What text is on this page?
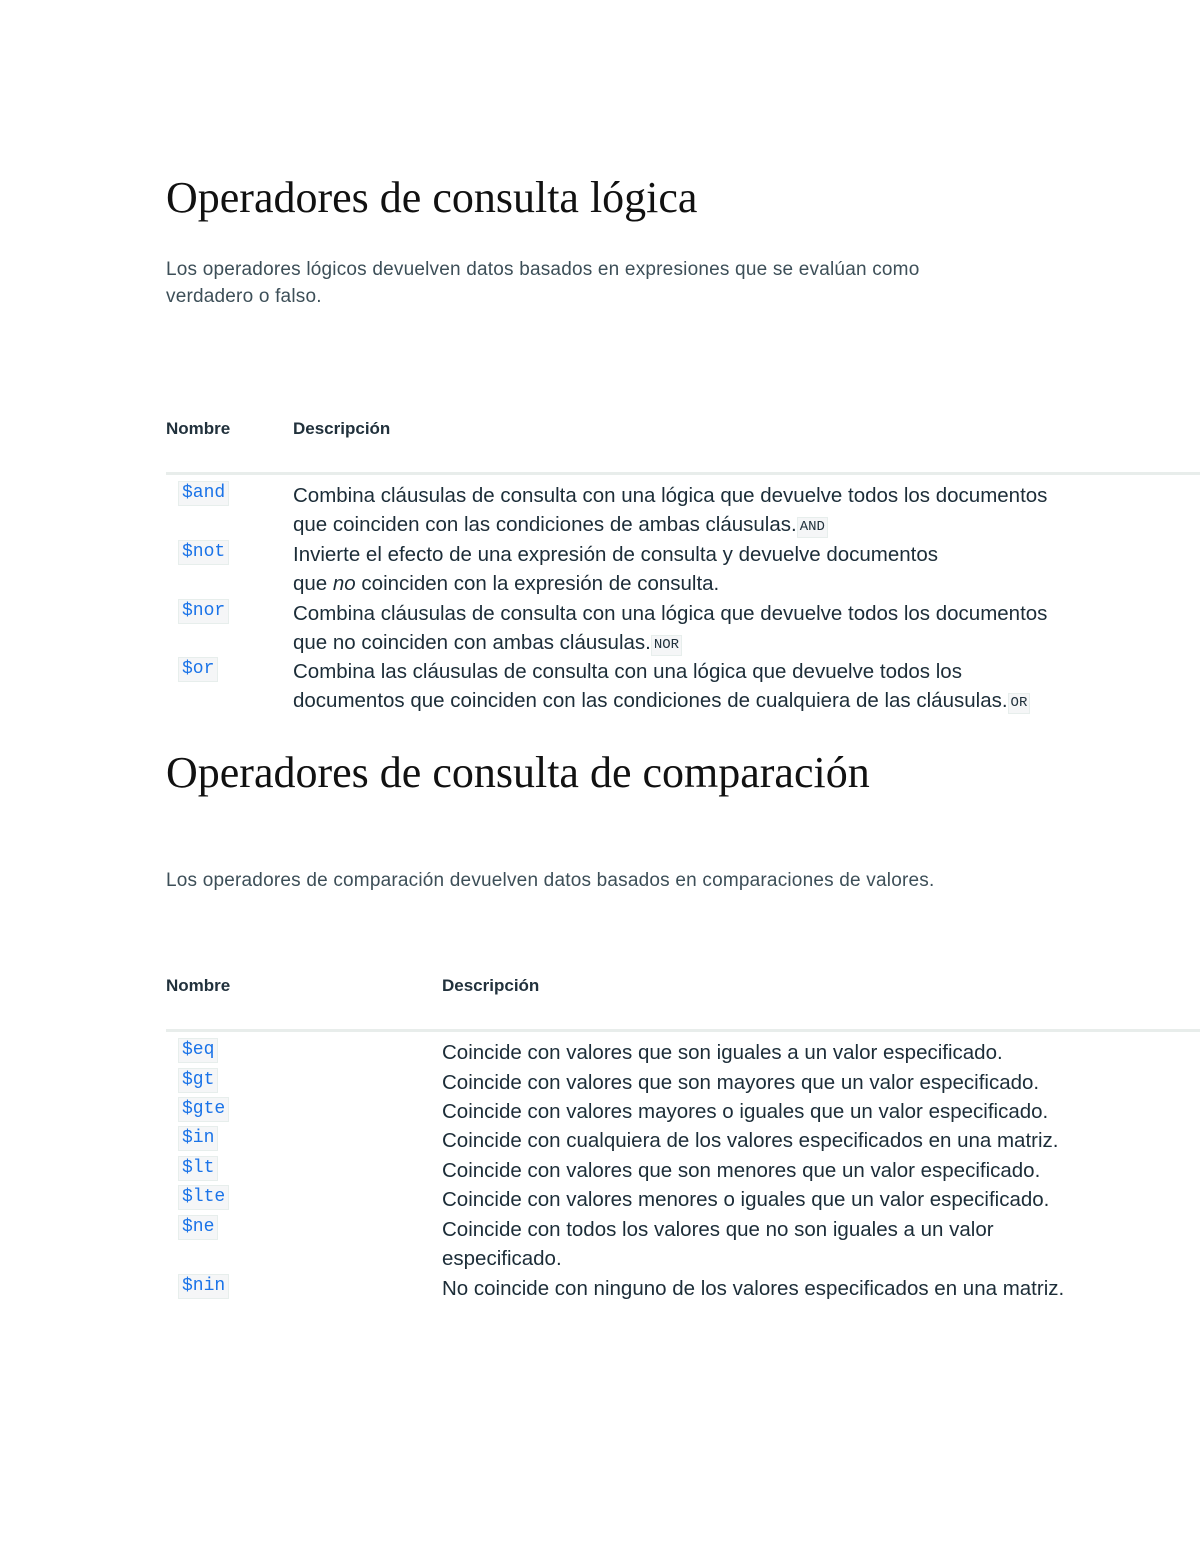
Operadores de consulta lógica

Los operadores lógicos devuelven datos basados en expresiones que se evalúan como
verdadero o falso.

Nombre	Descripción
$and	Combina cláusulas de consulta con una lógica que devuelve todos los documentos
que coinciden con las condiciones de ambas cláusulas. AND
$not	Invierte el efecto de una expresión de consulta y devuelve documentos
que no coinciden con la expresión de consulta.
$nor	Combina cláusulas de consulta con una lógica que devuelve todos los documentos
que no coinciden con ambas cláusulas. NOR
$or	Combina las cláusulas de consulta con una lógica que devuelve todos los
documentos que coinciden con las condiciones de cualquiera de las cláusulas. OR
Operadores de consulta de comparación

Los operadores de comparación devuelven datos basados en comparaciones de valores.

Nombre	Descripción
$eq	Coincide con valores que son iguales a un valor especificado.
$gt	Coincide con valores que son mayores que un valor especificado.
$gte	Coincide con valores mayores o iguales que un valor especificado.
$in	Coincide con cualquiera de los valores especificados en una matriz.
$lt	Coincide con valores que son menores que un valor especificado.
$lte	Coincide con valores menores o iguales que un valor especificado.
$ne	Coincide con todos los valores que no son iguales a un valor
especificado.
$nin	No coincide con ninguno de los valores especificados en una matriz.
